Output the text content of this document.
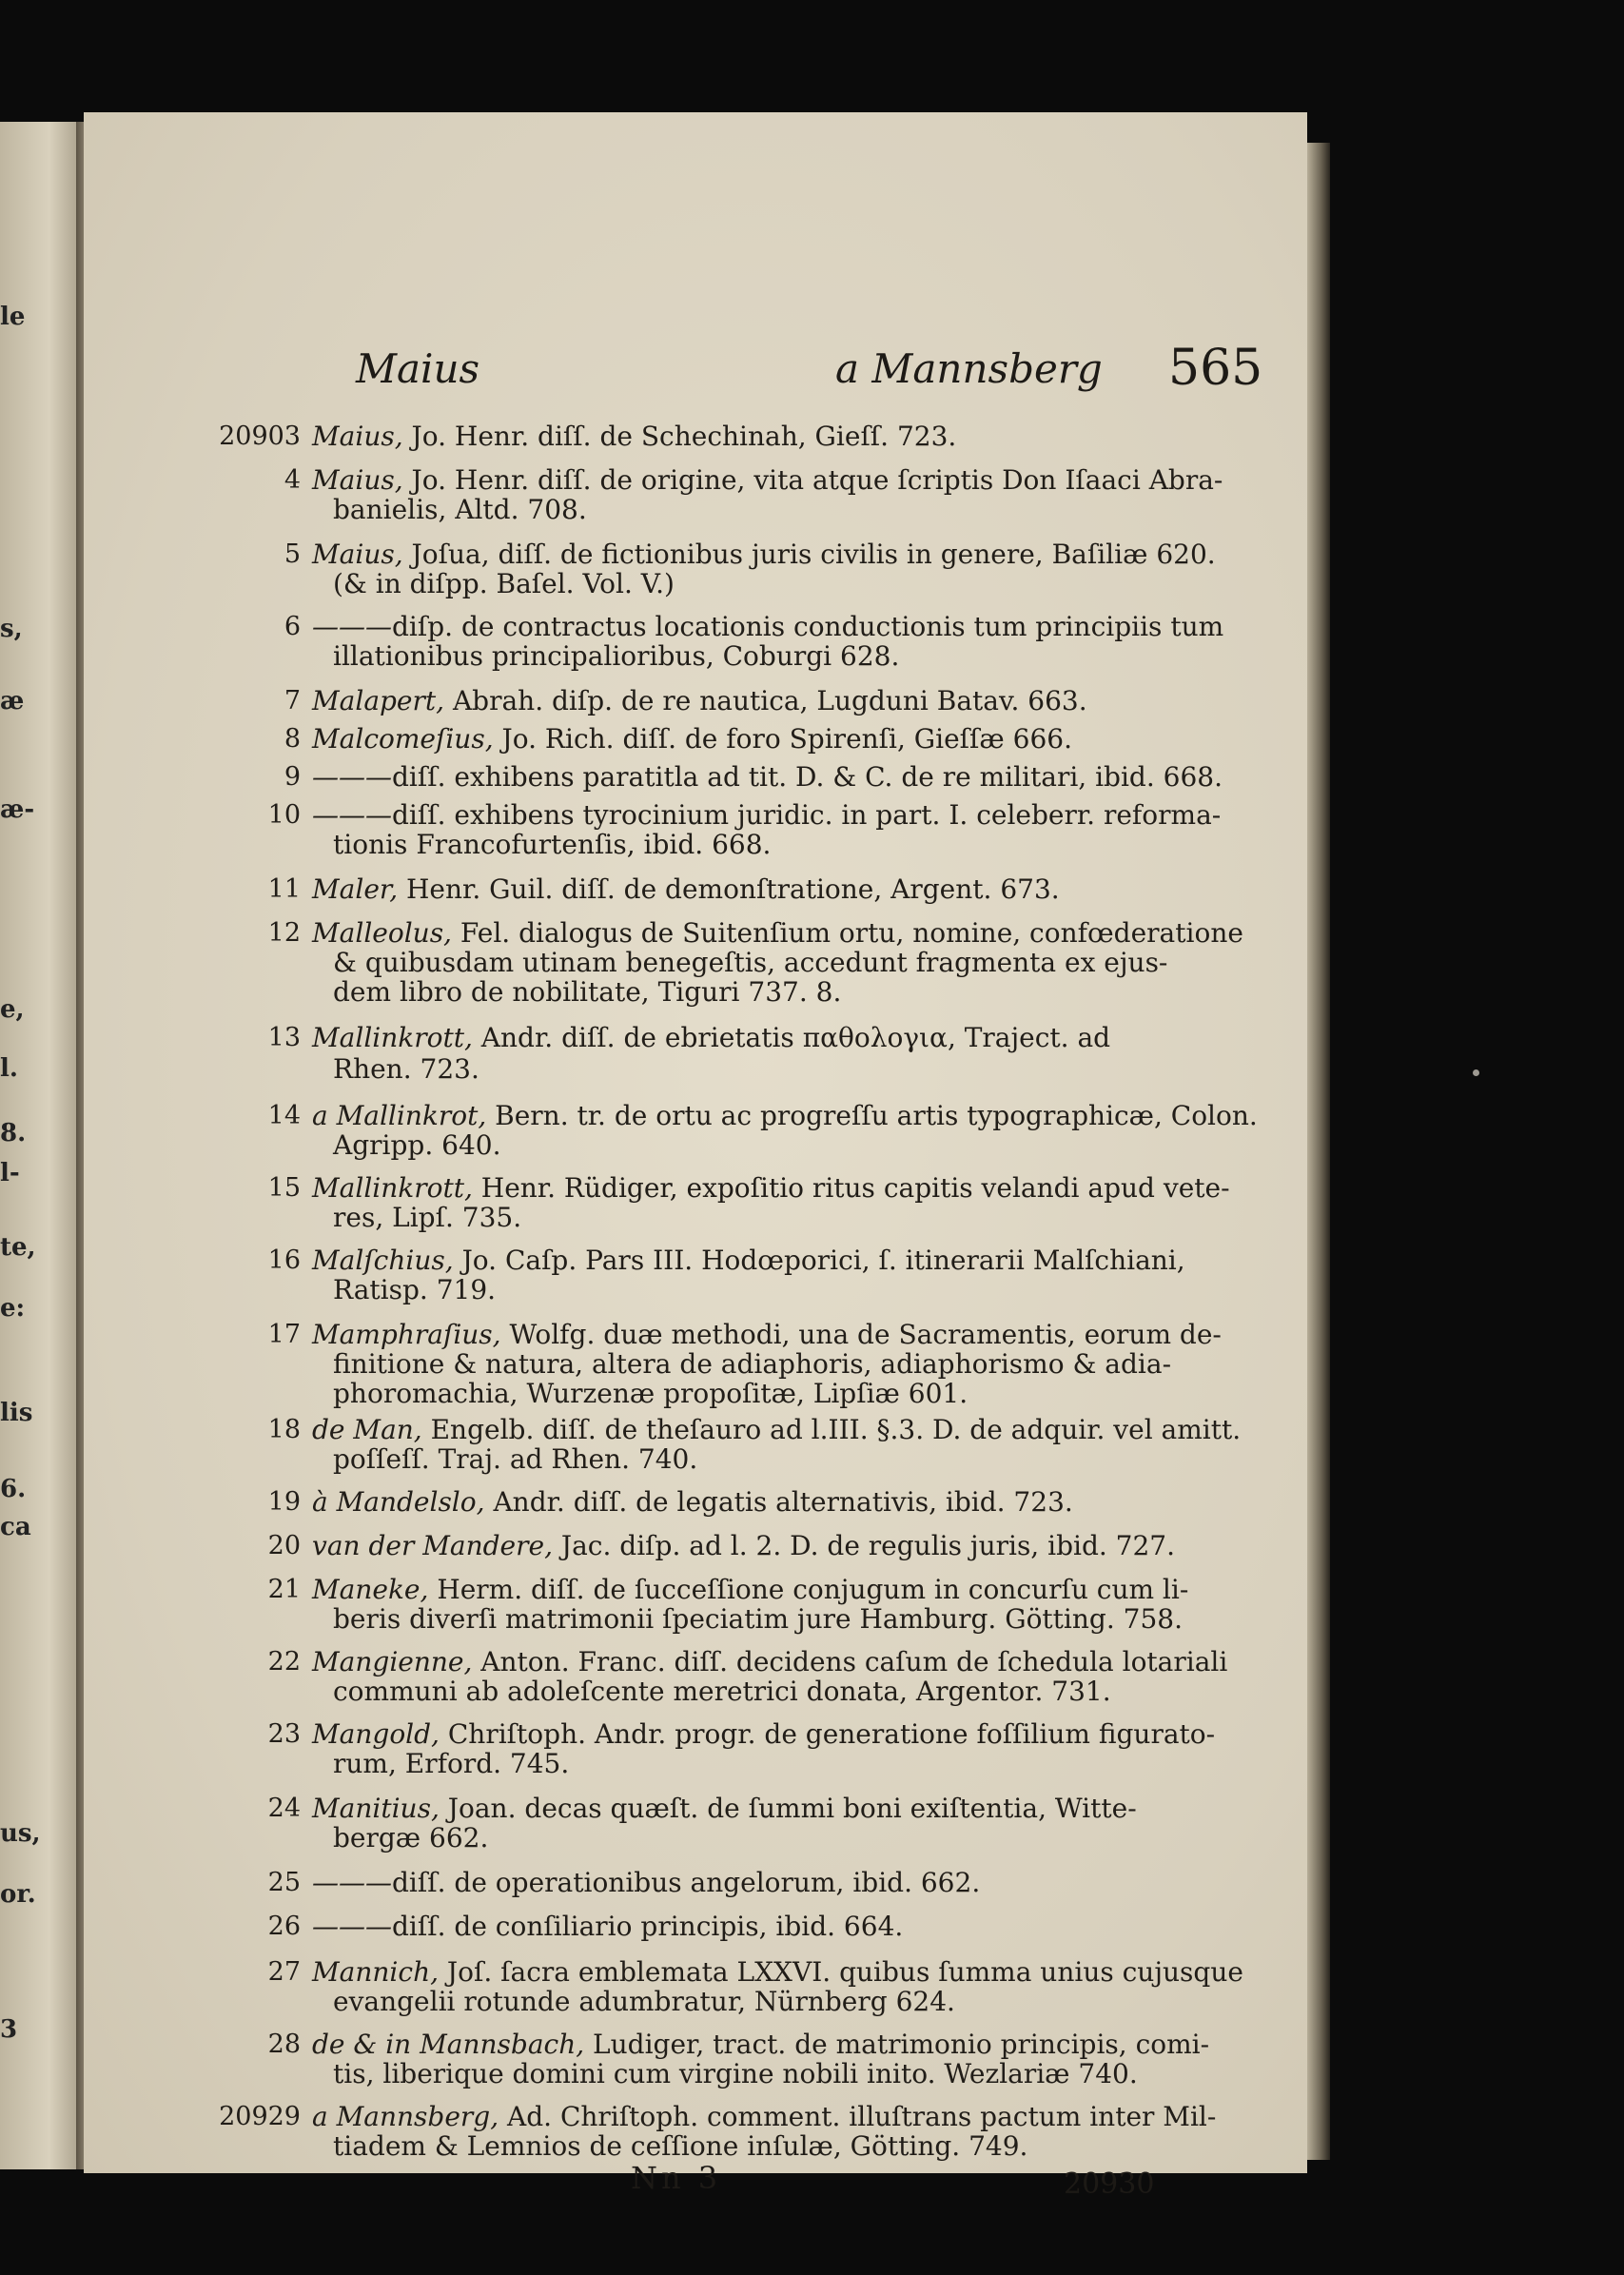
le
s,
æ
æ-
e,
l.
8.
l-
te,
e:
lis
6.
ca
us,
or.
3
Maius	a Mannsberg 565
20903 Maius, Jo. Henr. diſſ. de Schechinah, Gieſſ. 723.
4 Maius, Jo. Henr. diſſ. de origine, vita atque ſcriptis Don Iſaaci Abra-
banielis, Altd. 708.
5 Maius, Joſua, diſſ. de fictionibus juris civilis in genere, Baſiliæ 620.
(& in diſpp. Baſel. Vol. V.)
6 ———diſp. de contractus locationis conductionis tum principiis tum
illationibus principalioribus, Coburgi 628.
7 Malapert, Abrah. diſp. de re nautica, Lugduni Batav. 663.
8 Malcomeſius, Jo. Rich. diſſ. de foro Spirenſi, Gieſſæ 666.
9 ———diſſ. exhibens paratitla ad tit. D. & C. de re militari, ibid. 668.
10 ———diſſ. exhibens tyrocinium juridic. in part. I. celeberr. reforma-
tionis Francofurtenſis, ibid. 668.
11 Maler, Henr. Guil. diſſ. de demonſtratione, Argent. 673.
12 Malleolus, Fel. dialogus de Suitenſium ortu, nomine, confœderatione
& quibusdam utinam benegeſtis, accedunt fragmenta ex ejus-
dem libro de nobilitate, Tiguri 737. 8.
13 Mallinkrott, Andr. diſſ. de ebrietatis παθολογια, Traject. ad
Rhen. 723.
14 a Mallinkrot, Bern. tr. de ortu ac progreſſu artis typographicæ, Colon.
Agripp. 640.
15 Mallinkrott, Henr. Rüdiger, expoſitio ritus capitis velandi apud vete-
res, Lipſ. 735.
16 Malſchius, Jo. Caſp. Pars III. Hodœporici, ſ. itinerarii Malſchiani,
Ratisp. 719.
17 Mamphraſius, Wolfg. duæ methodi, una de Sacramentis, eorum de-
finitione & natura, altera de adiaphoris, adiaphorismo & adia-
phoromachia, Wurzenæ propoſitæ, Lipſiæ 601.
18 de Man, Engelb. diſſ. de theſauro ad l.III. §.3. D. de adquir. vel amitt.
poſſeſſ. Traj. ad Rhen. 740.
19 à Mandelslo, Andr. diſſ. de legatis alternativis, ibid. 723.
20 van der Mandere, Jac. diſp. ad l. 2. D. de regulis juris, ibid. 727.
21 Maneke, Herm. diſſ. de ſucceſſione conjugum in concurſu cum li-
beris diverſi matrimonii ſpeciatim jure Hamburg. Götting. 758.
22 Mangienne, Anton. Franc. diſſ. decidens caſum de ſchedula lotariali
communi ab adoleſcente meretrici donata, Argentor. 731.
23 Mangold, Chriſtoph. Andr. progr. de generatione foſſilium figurato-
rum, Erford. 745.
24 Manitius, Joan. decas quæſt. de ſummi boni exiſtentia, Witte-
bergæ 662.
25 ———diſſ. de operationibus angelorum, ibid. 662.
26 ———diſſ. de conſiliario principis, ibid. 664.
27 Mannich, Joſ. ſacra emblemata LXXVI. quibus ſumma unius cujusque
evangelii rotunde adumbratur, Nürnberg 624.
28 de & in Mannsbach, Ludiger, tract. de matrimonio principis, comi-
tis, liberique domini cum virgine nobili inito. Wezlariæ 740.
20929 a Mannsberg, Ad. Chriſtoph. comment. illuſtrans pactum inter Mil-
tiadem & Lemnios de ceſſione inſulæ, Götting. 749.
Nn 3	20930
